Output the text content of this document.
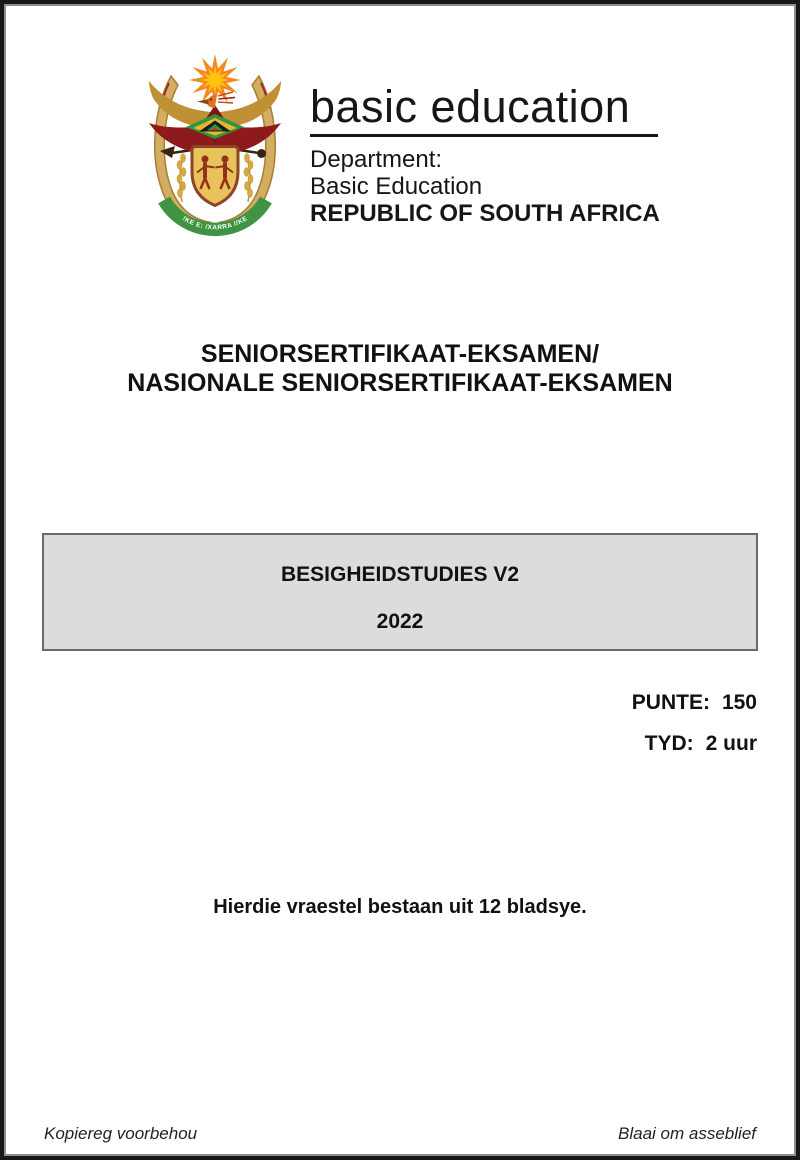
!KE E: /XARRA //KE
basic education
Department:
Basic Education
REPUBLIC OF SOUTH AFRICA
SENIORSERTIFIKAAT-EKSAMEN/
NASIONALE SENIORSERTIFIKAAT-EKSAMEN
BESIGHEIDSTUDIES V2
2022
PUNTE: 150
TYD: 2 uur
Hierdie vraestel bestaan uit 12 bladsye.
Kopiereg voorbehou	Blaai om asseblief
